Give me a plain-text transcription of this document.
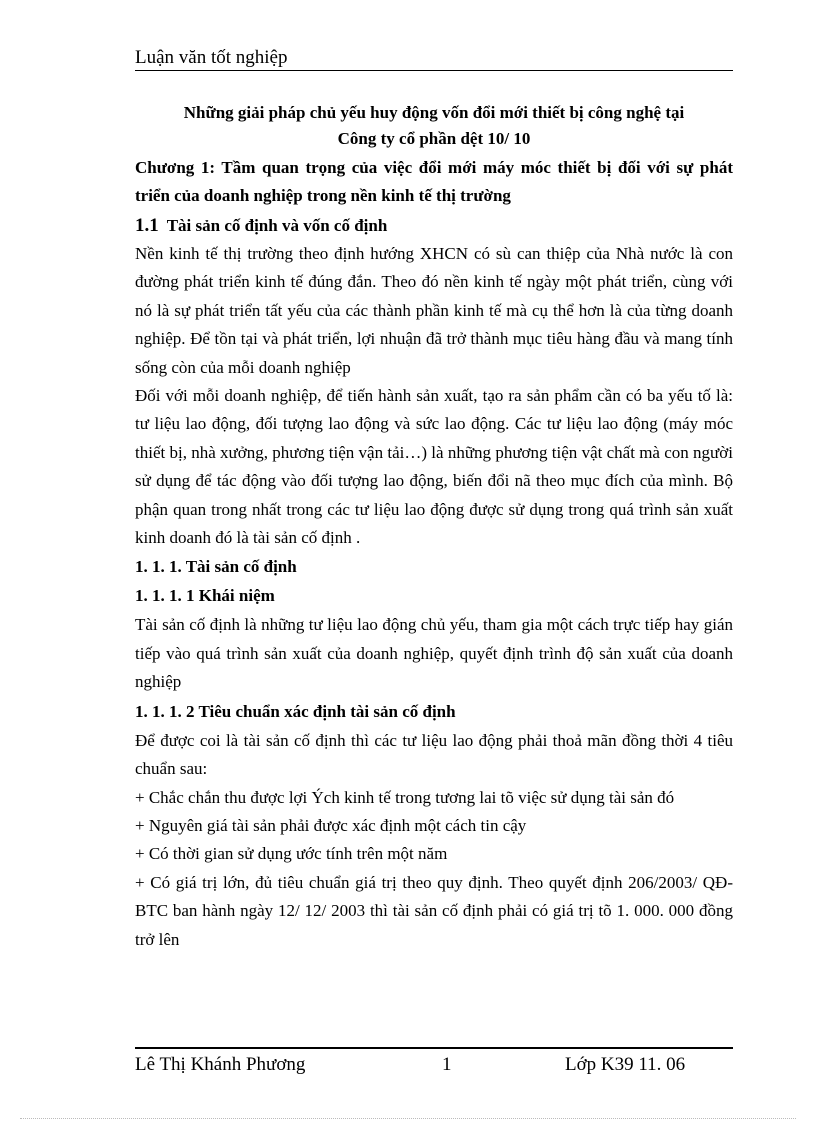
Luận văn tốt nghiệp
Những giải pháp chủ yếu huy động vốn đổi mới thiết bị công nghệ tại
Công ty cổ phần dệt 10/ 10
Chương 1: Tầm quan trọng của việc đổi mới máy móc thiết bị đối với sự phát triển của doanh nghiệp trong nền kinh tế thị trường
1.1 Tài sản cố định và vốn cố định

Nền kinh tế thị trường theo định hướng XHCN có sù can thiệp của Nhà nước là con đường phát triển kinh tế đúng đắn. Theo đó nền kinh tế ngày một phát triển, cùng với nó là sự phát triển tất yếu của các thành phần kinh tế mà cụ thể hơn là của từng doanh nghiệp. Để tồn tại và phát triển, lợi nhuận đã trở thành mục tiêu hàng đầu và mang tính sống còn của mỗi doanh nghiệp

Đối với mỗi doanh nghiệp, để tiến hành sản xuất, tạo ra sản phẩm cần có ba yếu tố là: tư liệu lao động, đối tượng lao động và sức lao động. Các tư liệu lao động (máy móc thiết bị, nhà xưởng, phương tiện vận tải…) là những phương tiện vật chất mà con người sử dụng để tác động vào đối tượng lao động, biến đổi nã theo mục đích của mình. Bộ phận quan trong nhất trong các tư liệu lao động được sử dụng trong quá trình sản xuất kinh doanh đó là tài sản cố định .

1. 1. 1. Tài sản cố định
1. 1. 1. 1 Khái niệm

Tài sản cố định là những tư liệu lao động chủ yếu, tham gia một cách trực tiếp hay gián tiếp vào quá trình sản xuất của doanh nghiệp, quyết định trình độ sản xuất của doanh nghiệp

1. 1. 1. 2 Tiêu chuẩn xác định tài sản cố định

Để được coi là tài sản cố định thì các tư liệu lao động phải thoả mãn đồng thời 4 tiêu chuẩn sau:

+ Chắc chắn thu được lợi Ých kinh tế trong tương lai tõ việc sử dụng tài sản đó

+ Nguyên giá tài sản phải được xác định một cách tin cậy

+ Có thời gian sử dụng ước tính trên một năm

+ Có giá trị lớn, đủ tiêu chuẩn giá trị theo quy định. Theo quyết định 206/2003/ QĐ- BTC ban hành ngày 12/ 12/ 2003 thì tài sản cố định phải có giá trị tõ 1. 000. 000 đồng trở lên

Lê Thị Khánh Phương	1	Lớp K39 11. 06
